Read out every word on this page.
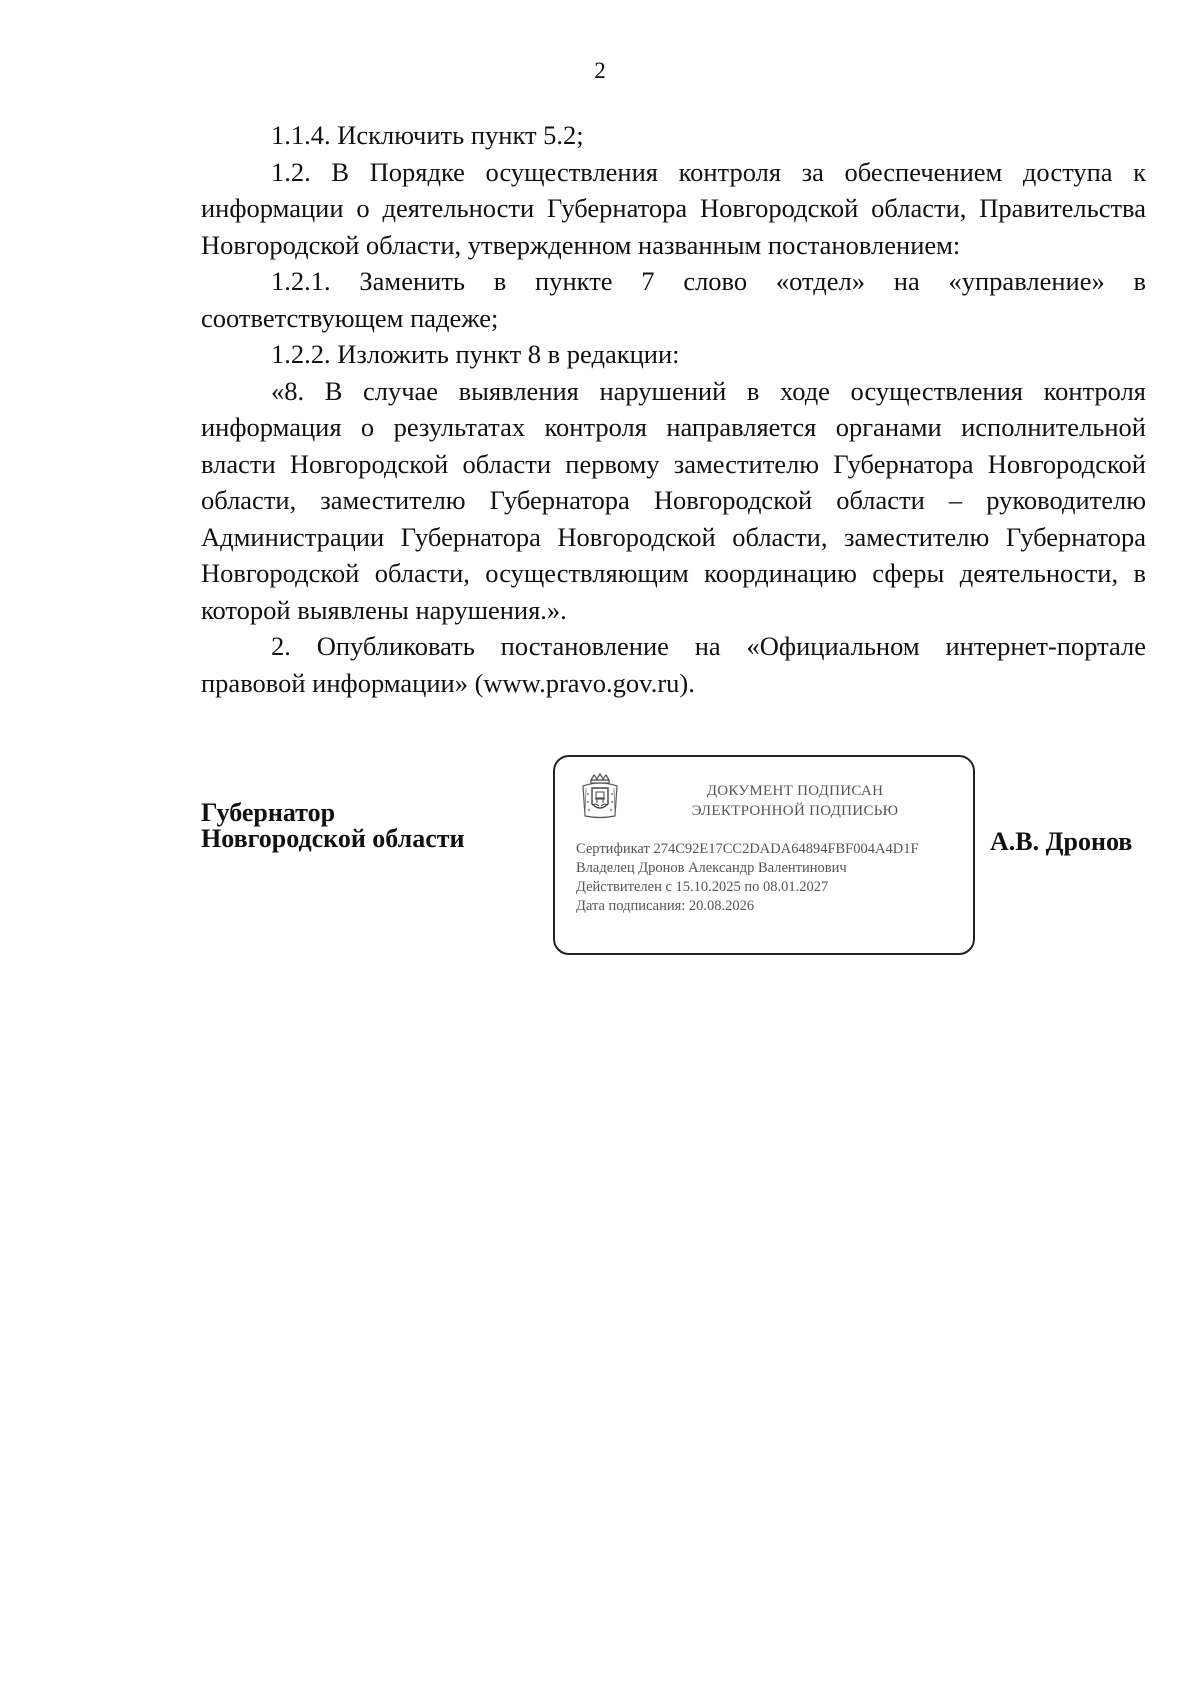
2

1.1.4. Исключить пункт 5.2;

1.2. В Порядке осуществления контроля за обеспечением доступа к информации о деятельности Губернатора Новгородской области, Правительства Новгородской области, утвержденном названным постановлением:

1.2.1. Заменить в пункте 7 слово «отдел» на «управление» в соответствующем падеже;

1.2.2. Изложить пункт 8 в редакции:

«8. В случае выявления нарушений в ходе осуществления контроля информация о результатах контроля направляется органами исполнительной власти Новгородской области первому заместителю Губернатора Новгородской области, заместителю Губернатора Новгородской области – руководителю Администрации Губернатора Новгородской области, заместителю Губернатора Новгородской области, осуществляющим координацию сферы деятельности, в которой выявлены нарушения.».

2. Опубликовать постановление на «Официальном интернет-портале правовой информации» (www.pravo.gov.ru).

Губернатор
Новгородской области
ДОКУМЕНТ ПОДПИСАН
ЭЛЕКТРОННОЙ ПОДПИСЬЮ
Сертификат 274C92E17CC2DADA64894FBF004A4D1F
Владелец Дронов Александр Валентинович
Действителен с 15.10.2025 по 08.01.2027
Дата подписания: 20.08.2026
А.В. Дронов
